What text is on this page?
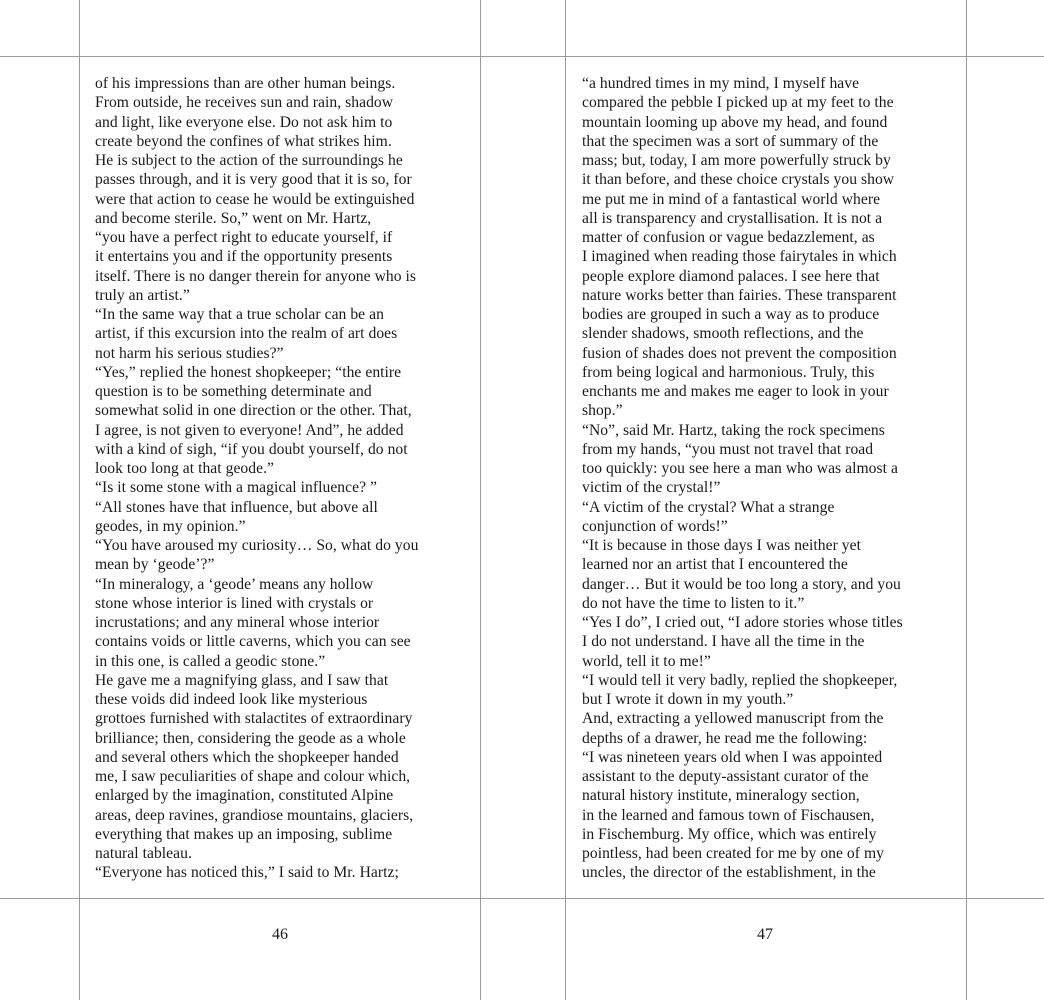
of his impressions than are other human beings.
From outside, he receives sun and rain, shadow
and light, like everyone else. Do not ask him to
create beyond the confines of what strikes him.
He is subject to the action of the surroundings he
passes through, and it is very good that it is so, for
were that action to cease he would be extinguished
and become sterile. So,” went on Mr. Hartz,
“you have a perfect right to educate yourself, if
it entertains you and if the opportunity presents
itself. There is no danger therein for anyone who is
truly an artist.”
“In the same way that a true scholar can be an
artist, if this excursion into the realm of art does
not harm his serious studies?”
“Yes,” replied the honest shopkeeper; “the entire
question is to be something determinate and
somewhat solid in one direction or the other. That,
I agree, is not given to everyone! And”, he added
with a kind of sigh, “if you doubt yourself, do not
look too long at that geode.”
“Is it some stone with a magical influence? ”
“All stones have that influence, but above all
geodes, in my opinion.”
“You have aroused my curiosity… So, what do you
mean by ‘geode’?”
“In mineralogy, a ‘geode’ means any hollow
stone whose interior is lined with crystals or
incrustations; and any mineral whose interior
contains voids or little caverns, which you can see
in this one, is called a geodic stone.”
He gave me a magnifying glass, and I saw that
these voids did indeed look like mysterious
grottoes furnished with stalactites of extraordinary
brilliance; then, considering the geode as a whole
and several others which the shopkeeper handed
me, I saw peculiarities of shape and colour which,
enlarged by the imagination, constituted Alpine
areas, deep ravines, grandiose mountains, glaciers,
everything that makes up an imposing, sublime
natural tableau.
“Everyone has noticed this,” I said to Mr. Hartz;
46
“a hundred times in my mind, I myself have
compared the pebble I picked up at my feet to the
mountain looming up above my head, and found
that the specimen was a sort of summary of the
mass; but, today, I am more powerfully struck by
it than before, and these choice crystals you show
me put me in mind of a fantastical world where
all is transparency and crystallisation. It is not a
matter of confusion or vague bedazzlement, as
I imagined when reading those fairytales in which
people explore diamond palaces. I see here that
nature works better than fairies. These transparent
bodies are grouped in such a way as to produce
slender shadows, smooth reflections, and the
fusion of shades does not prevent the composition
from being logical and harmonious. Truly, this
enchants me and makes me eager to look in your
shop.”
“No”, said Mr. Hartz, taking the rock specimens
from my hands, “you must not travel that road
too quickly: you see here a man who was almost a
victim of the crystal!”
“A victim of the crystal? What a strange
conjunction of words!”
“It is because in those days I was neither yet
learned nor an artist that I encountered the
danger… But it would be too long a story, and you
do not have the time to listen to it.”
“Yes I do”, I cried out, “I adore stories whose titles
I do not understand. I have all the time in the
world, tell it to me!”
“I would tell it very badly, replied the shopkeeper,
but I wrote it down in my youth.”
And, extracting a yellowed manuscript from the
depths of a drawer, he read me the following:
“I was nineteen years old when I was appointed
assistant to the deputy-assistant curator of the
natural history institute, mineralogy section,
in the learned and famous town of Fischausen,
in Fischemburg. My office, which was entirely
pointless, had been created for me by one of my
uncles, the director of the establishment, in the
47
